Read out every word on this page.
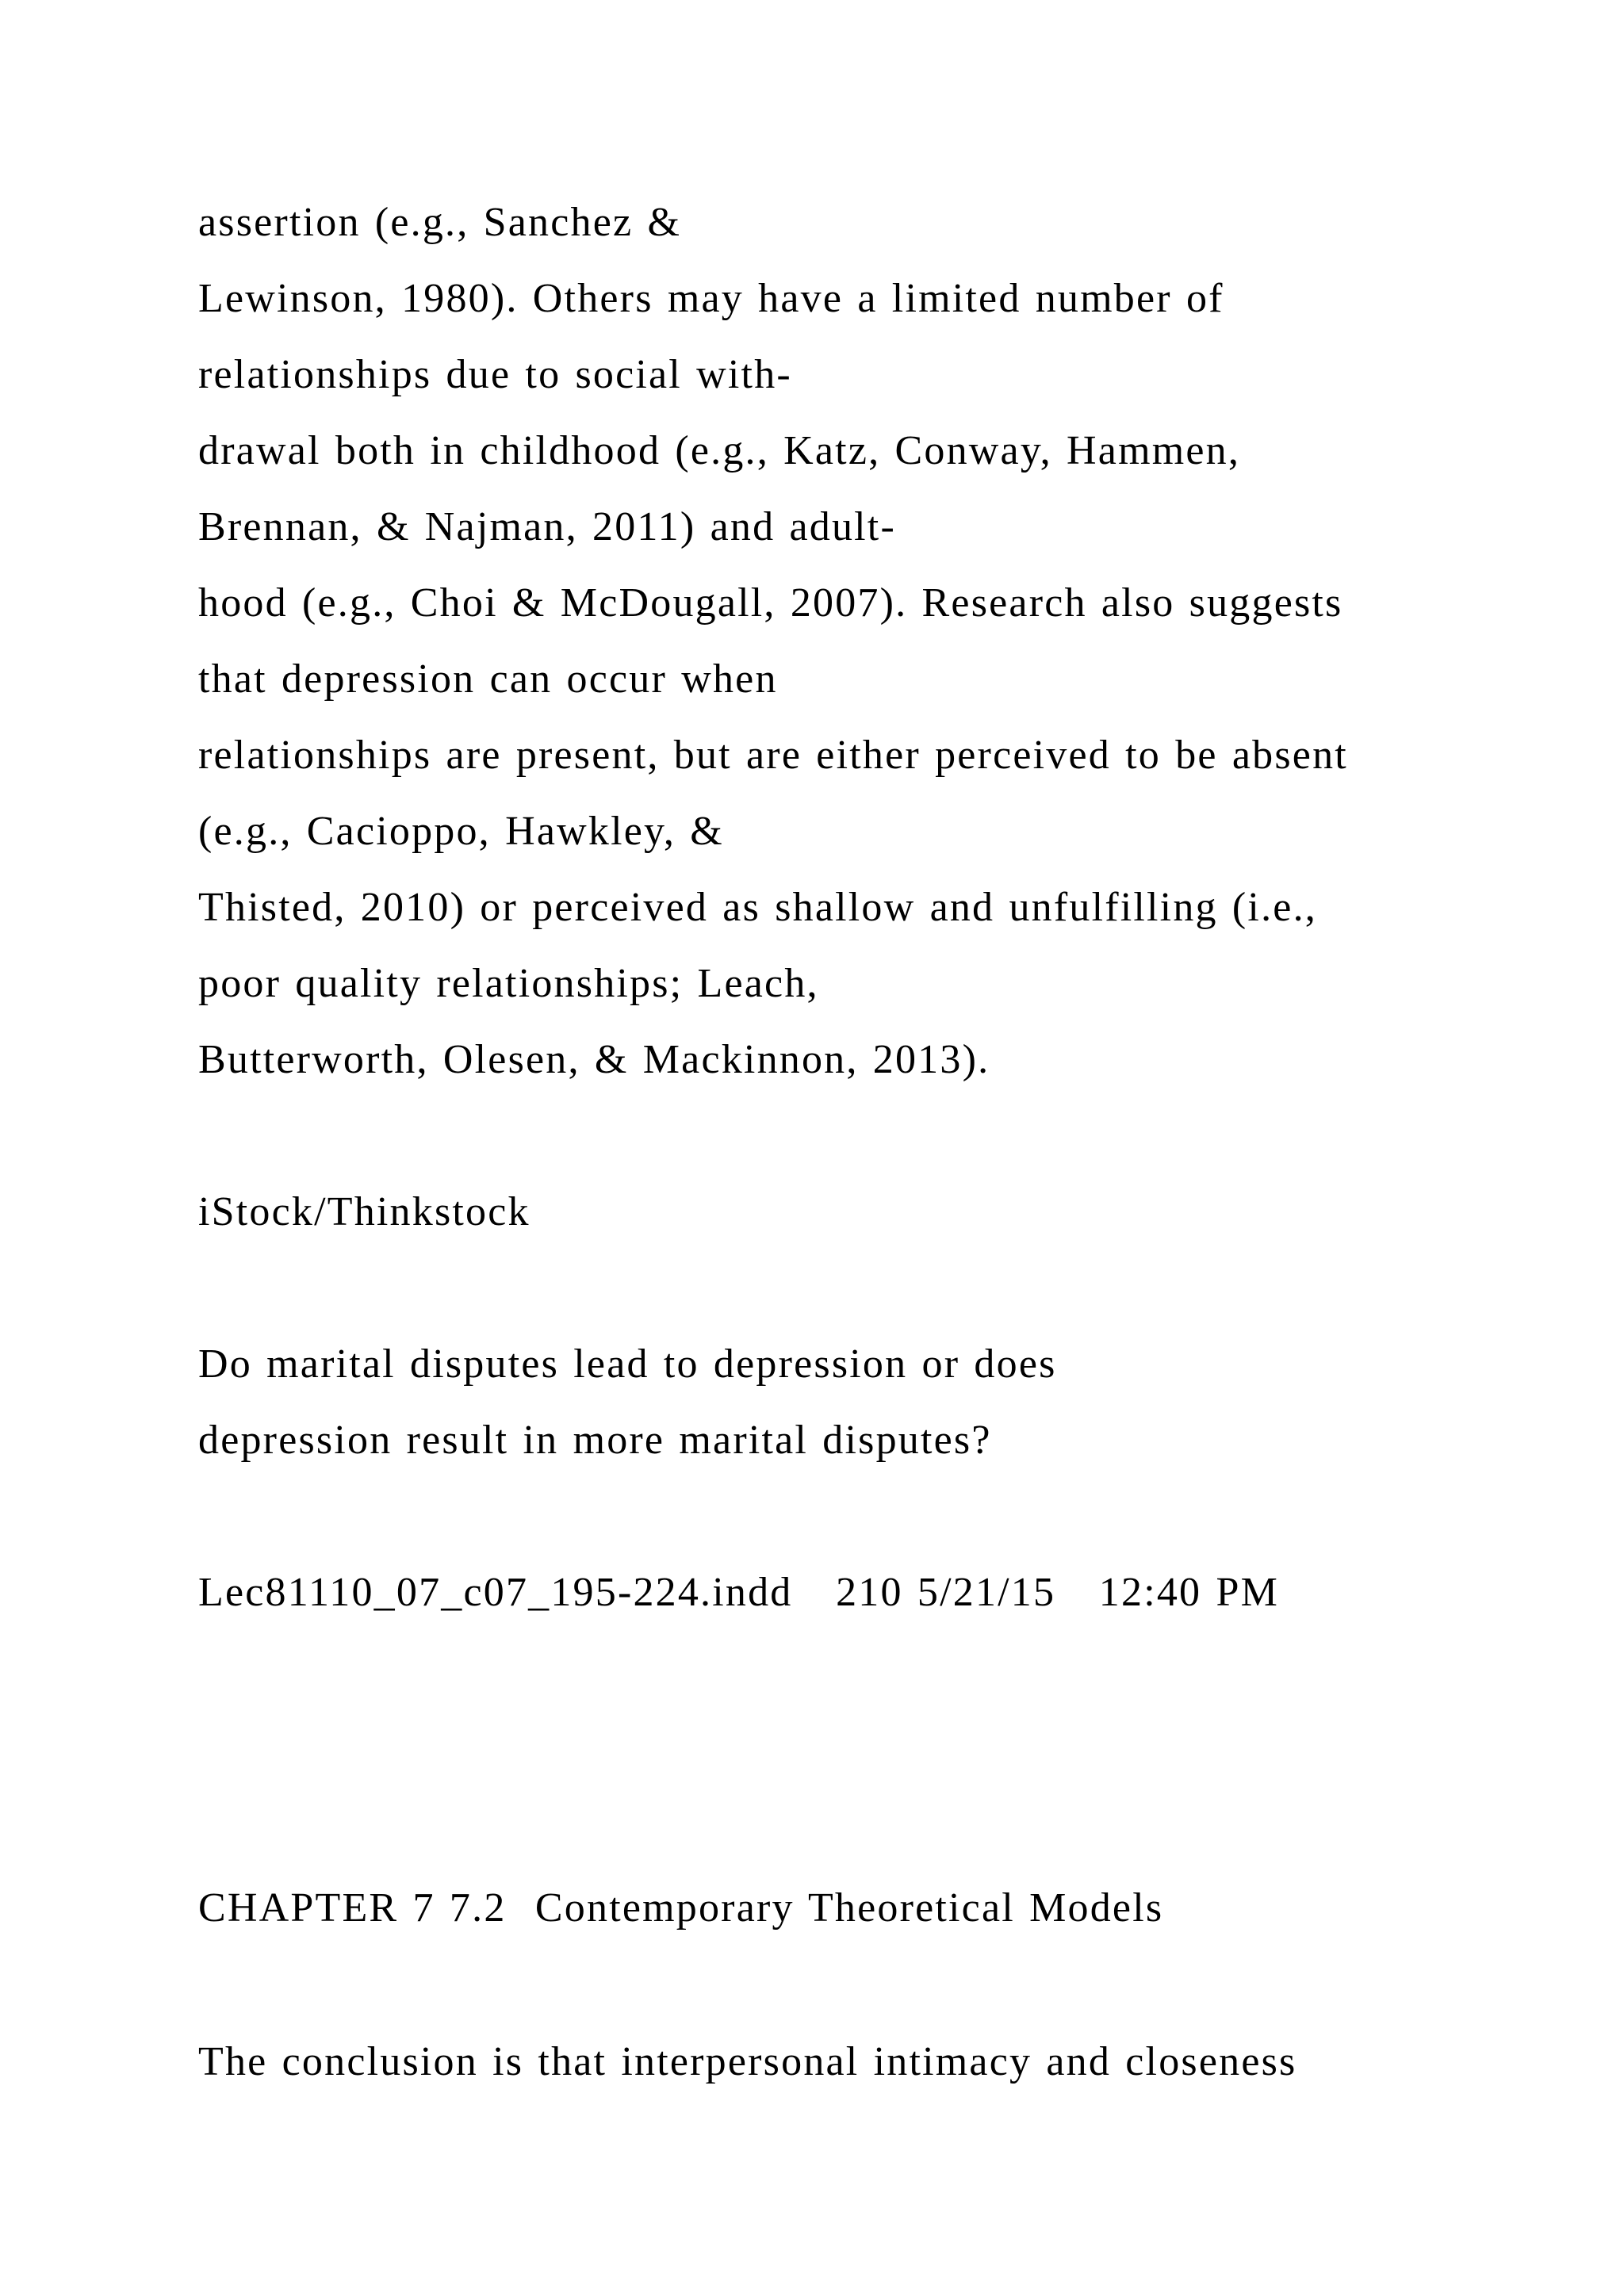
assertion (e.g., Sanchez &

Lewinson, 1980). Others may have a limited number of

relationships due to social with-

drawal both in childhood (e.g., Katz, Conway, Hammen,

Brennan, & Najman, 2011) and adult-

hood (e.g., Choi & McDougall, 2007). Research also suggests

that depression can occur when

relationships are present, but are either perceived to be absent

(e.g., Cacioppo, Hawkley, &

Thisted, 2010) or perceived as shallow and unfulfilling (i.e.,

poor quality relationships; Leach,

Butterworth, Olesen, & Mackinnon, 2013).

iStock/Thinkstock

Do marital disputes lead to depression or does

depression result in more marital disputes?

Lec81110_07_c07_195-224.indd   210 5/21/15   12:40 PM

CHAPTER 7 7.2  Contemporary Theoretical Models

The conclusion is that interpersonal intimacy and closeness
